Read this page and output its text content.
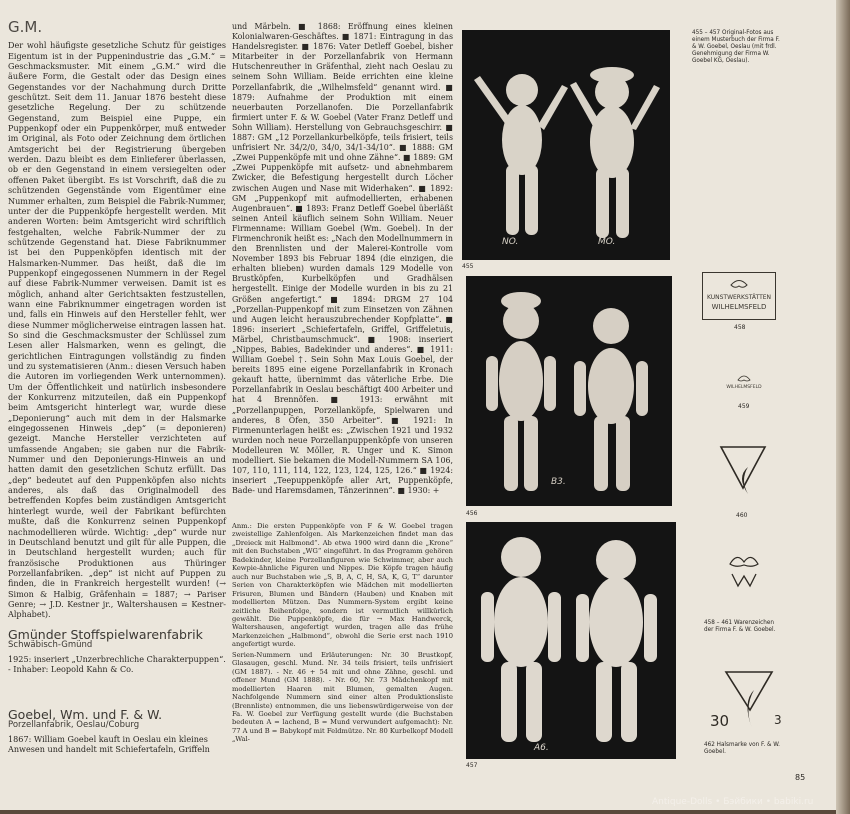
G.M.

Der wohl häufigste gesetzliche Schutz für geistiges Eigentum ist in der Puppenindustrie das „G.M.“ = Geschmacksmuster. Mit einem „G.M.“ wird die äußere Form, die Gestalt oder das Design eines Gegenstandes vor der Nachahmung durch Dritte geschützt. Seit dem 11. Januar 1876 besteht diese gesetzliche Regelung. Der zu schützende Gegenstand, zum Beispiel eine Puppe, ein Puppenkopf oder ein Puppenkörper, muß entweder im Original, als Foto oder Zeichnung dem örtlichen Amtsgericht bei der Registrierung übergeben werden. Dazu bleibt es dem Einlieferer überlassen, ob er den Gegenstand in einem versiegelten oder offenen Paket übergibt. Es ist Vorschrift, daß die zu schützenden Gegenstände vom Eigentümer eine Nummer erhalten, zum Beispiel die Fabrik-Nummer, unter der die Puppenköpfe hergestellt werden. Mit anderen Worten: beim Amtsgericht wird schriftlich festgehalten, welche Fabrik-Nummer der zu schützende Gegenstand hat. Diese Fabriknummer ist bei den Puppenköpfen identisch mit der Halsmarken-Nummer. Das heißt, daß die im Puppenkopf eingegossenen Nummern in der Regel auf diese Fabrik-Nummer verweisen. Damit ist es möglich, anhand alter Gerichtsakten festzustellen, wann eine Fabriknummer eingetragen worden ist und, falls ein Hinweis auf den Hersteller fehlt, wer diese Nummer möglicherweise eintragen lassen hat. So sind die Geschmacksmuster der Schlüssel zum Lesen aller Halsmarken, wenn es gelingt, die gerichtlichen Eintragungen vollständig zu finden und zu systematisieren (Anm.: diesen Versuch haben die Autoren im vorliegenden Werk unternommen). Um der Öffentlichkeit und natürlich insbesondere der Konkurrenz mitzuteilen, daß ein Puppenkopf beim Amtsgericht hinterlegt war, wurde diese „Deponierung“ auch mit dem in der Halsmarke eingegossenen Hinweis „dep“ (= deponieren) gezeigt. Manche Hersteller verzichteten auf umfassende Angaben; sie gaben nur die Fabrik-Nummer und den Deponierungs-Hinweis an und hatten damit den gesetzlichen Schutz erfüllt. Das „dep“ bedeutet auf den Puppenköpfen also nichts anderes, als daß das Originalmodell des betreffenden Kopfes beim zuständigen Amtsgericht hinterlegt wurde, weil der Fabrikant befürchten mußte, daß die Konkurrenz seinen Puppenkopf nachmodellieren würde. Wichtig: „dep“ wurde nur in Deutschland benutzt und gilt für alle Puppen, die in Deutschland hergestellt wurden; auch für französische Produktionen aus Thüringer Porzellanfabriken. „dep“ ist nicht auf Puppen zu finden, die in Frankreich hergestellt wurden! (→ Simon & Halbig, Gräfenhain = 1887; → Pariser Genre; → J.D. Kestner jr., Waltershausen = Kestner-Alphabet).

Gmünder Stoffspielwarenfabrik
Schwäbisch-Gmünd

1925: inseriert „Unzerbrechliche Charakterpuppen“. - Inhaber: Leopold Kahn & Co.

Goebel, Wm. und F. & W.
Porzellanfabrik, Oeslau/Coburg

1867: William Goebel kauft in Oeslau ein kleines Anwesen und handelt mit Schiefertafeln, Griffeln

und Märbeln. ■ 1868: Eröffnung eines kleinen Kolonialwaren-Geschäftes. ■ 1871: Eintragung in das Handelsregister. ■ 1876: Vater Detleff Goebel, bisher Mitarbeiter in der Porzellanfabrik von Hermann Hutschenreuther in Gräfenthal, zieht nach Oeslau zu seinem Sohn William. Beide errichten eine kleine Porzellanfabrik, die „Wilhelmsfeld“ genannt wird. ■ 1879: Aufnahme der Produktion mit einem neuerbauten Porzellanofen. Die Porzellanfabrik firmiert unter F. & W. Goebel (Vater Franz Detleff und Sohn William). Herstellung von Gebrauchsgeschirr. ■ 1887: GM „12 Porzellankurbelköpfe, teils frisiert, teils unfrisiert Nr. 34/2/0, 34/0, 34/1-34/10“. ■ 1888: GM „Zwei Puppenköpfe mit und ohne Zähne“. ■ 1889: GM „Zwei Puppenköpfe mit aufsetz- und abnehmbarem Zwicker, die Befestigung hergestellt durch Löcher zwischen Augen und Nase mit Widerhaken“. ■ 1892: GM „Puppenkopf mit aufmodellierten, erhabenen Augenbrauen“. ■ 1893: Franz Detleff Goebel überläßt seinen Anteil käuflich seinem Sohn William. Neuer Firmenname: William Goebel (Wm. Goebel). In der Firmenchronik heißt es: „Nach den Modellnummern in den Brennlisten und der Malerei-Kontrolle vom November 1893 bis Februar 1894 (die einzigen, die erhalten blieben) wurden damals 129 Modelle von Brustköpfen, Kurbelköpfen und Gradhälsen hergestellt. Einige der Modelle wurden in bis zu 21 Größen angefertigt.“ ■ 1894: DRGM 27 104 „Porzellan-Puppenkopf mit zum Einsetzen von Zähnen und Augen leicht herauszubrechender Kopfplatte“. ■ 1896: inseriert „Schiefertafeln, Griffel, Griffeletuis, Märbel, Christbaumschmuck“. ■ 1908: inseriert „Nippes, Babies, Badekinder und anderes“. ■ 1911: William Goebel †. Sein Sohn Max Louis Goebel, der bereits 1895 eine eigene Porzellanfabrik in Kronach gekauft hatte, übernimmt das väterliche Erbe. Die Porzellanfabrik in Oeslau beschäftigt 400 Arbeiter und hat 4 Brennöfen. ■ 1913: erwähnt mit „Porzellanpuppen, Porzellanköpfe, Spielwaren und anderes, 8 Öfen, 350 Arbeiter“. ■ 1921: In Firmenunterlagen heißt es: „Zwischen 1921 und 1932 wurden noch neue Porzellanpuppenköpfe von unseren Modelleuren W. Möller, R. Unger und K. Simon modelliert. Sie bekamen die Modell-Nummern SA 106, 107, 110, 111, 114, 122, 123, 124, 125, 126.“ ■ 1924: inseriert „Teepuppenköpfe aller Art, Puppenköpfe, Bade- und Haremsdamen, Tänzerinnen“. ■ 1930: +

Anm.: Die ersten Puppenköpfe von F & W. Goebel tragen zweistellige Zahlenfolgen. Als Markenzeichen findet man das „Dreieck mit Halbmond“. Ab etwa 1900 wird dann die „Krone“ mit den Buchstaben „WG“ eingeführt. In das Programm gehören Badekinder, kleine Porzellanfiguren wie Schwimmer, aber auch Kewpie-ähnliche Figuren und Nippes. Die Köpfe tragen häufig auch nur Buchstaben wie „S, B, A, C, H, SA, K, G, T“ darunter Serien von Charakterköpfen wie Mädchen mit modellierten Frisuren, Blumen und Bändern (Hauben) und Knaben mit modellierten Mützen. Das Nummern-System ergibt keine zeitliche Reihenfolge, sondern ist vermutlich willkürlich gewählt. Die Puppenköpfe, die für → Max Handwerck, Waltershausen, angefertigt wurden, tragen alle das frühe Markenzeichen „Halbmond“, obwohl die Serie erst nach 1910 angefertigt wurde.

Serien-Nummern und Erläuterungen: Nr. 30 Brustkopf, Glasaugen, geschl. Mund. Nr. 34 teils frisiert, teils unfrisiert (GM 1887). - Nr. 46 + 54 mit und ohne Zähne, geschl. und offener Mund (GM 1888). - Nr. 60, Nr. 73 Mädchenkopf mit modellierten Haaren mit Blumen, gemalten Augen. Nachfolgende Nummern sind einer alten Produktionsliste (Brennliste) entnommen, die uns liebenswürdigerweise von der Fa. W. Goebel zur Verfügung gestellt wurde (die Buchstaben bedeuten A = lachend, B = Mund verwundert aufgemacht): Nr. 77 A und B = Babykopf mit Feldmütze. Nr. 80 Kurbelkopf Modell „Wal-

NO.	MO.
455
B3.
456
A6.
457
455 – 457 Original-Fotos aus einem Musterbuch der Firma F. & W. Goebel, Oeslau (mit frdl. Genehmigung der Firma W. Goebel KG, Oeslau).
KUNSTWERKSTÄTTEN
WILHELMSFELD
458
WILHELMSFELD
459
460
458 – 461 Warenzeichen der Firma F. & W. Goebel.
30	3
462 Halsmarke von F. & W. Goebel.
85
Antique-Dolls • Бэйбики • babiki.ru
